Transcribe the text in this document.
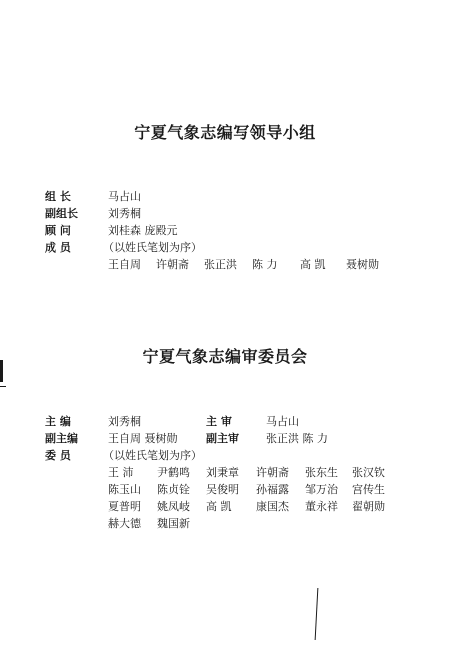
宁夏气象志编写领导小组
组 长	马占山
副组长	刘秀桐
顾 问	刘桂森 庞殿元
成 员	（以姓氏笔划为序）
王自周 许朝斋 张正洪 陈 力 高 凯 聂树勋
宁夏气象志编审委员会
主 编	刘秀桐	主 审	马占山
副主编	王自周 聂树勋	副主审 张正洪 陈 力
委 员	（以姓氏笔划为序）
王 沛 尹鹤鸣 刘秉章 许朝斋 张东生 张汉钦
陈玉山 陈贞铨 吴俊明 孙福露 邹万治 宫传生
夏普明 姚凤岐 高 凯 康国杰 董永祥 翟朝勋
赫大德 魏国新
